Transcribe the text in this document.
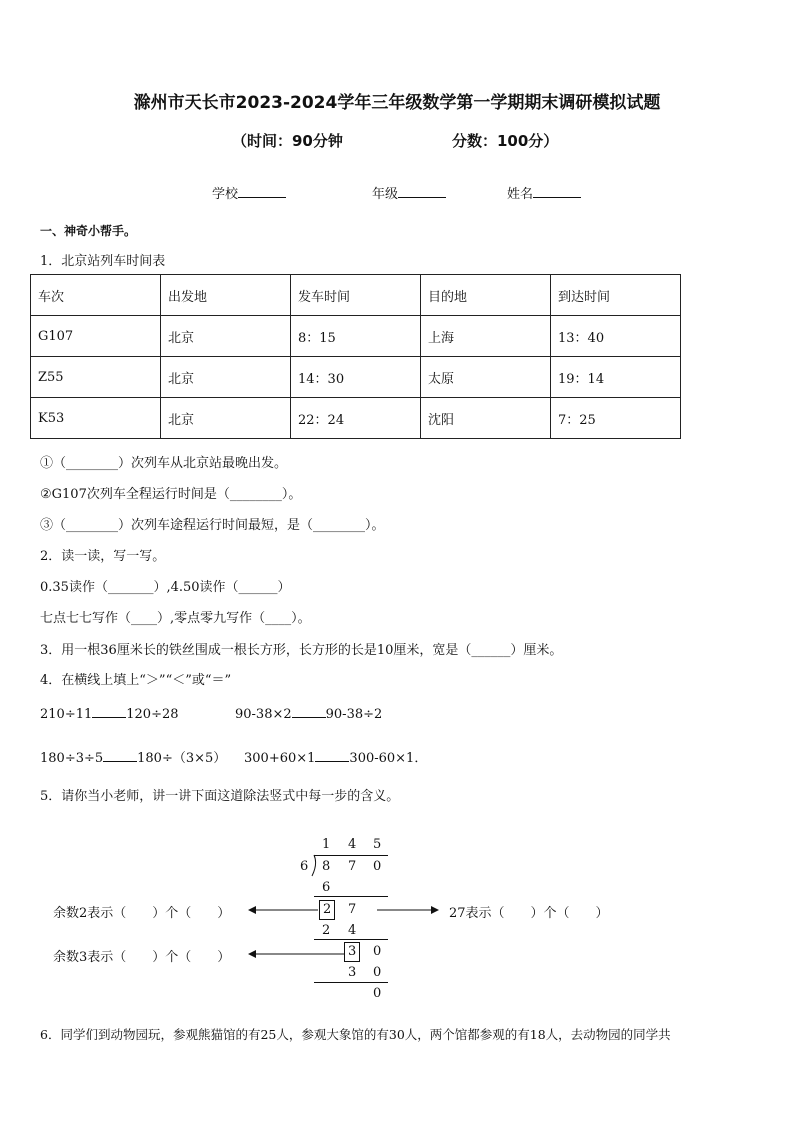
滁州市天长市2023-2024学年三年级数学第一学期期末调研模拟试题
（时间：90分钟	分数：100分）
学校	年级	姓名
一、神奇小帮手。
1．北京站列车时间表
车次	出发地	发车时间	目的地	到达时间
G107	北京	8：15	上海	13：40
Z55	北京	14：30	太原	19：14
K53	北京	22：24	沈阳	7：25
①（________）次列车从北京站最晚出发。
②G107次列车全程运行时间是（________）。
③（________）次列车途程运行时间最短，是（________）。
2．读一读，写一写。
0.35读作（_______）,4.50读作（______）
七点七七写作（____）,零点零九写作（____）。
3．用一根36厘米长的铁丝围成一根长方形，长方形的长是10厘米，宽是（______）厘米。
4．在横线上填上“＞”“＜”或“＝”
210÷11	120÷28	90-38×2	90-38÷2
180÷3÷5	180÷（3×5） 300+60×1	300-60×1．
5．请你当小老师，讲一讲下面这道除法竖式中每一步的含义。
1 4 5
6 8 7 0
6
2 7
2 4
3 0
3 0
0
余数2表示（　　）个（　　）	27表示（　　）个（　　）
余数3表示（　　）个（　　）
6．同学们到动物园玩，参观熊猫馆的有25人，参观大象馆的有30人，两个馆都参观的有18人，去动物园的同学共
